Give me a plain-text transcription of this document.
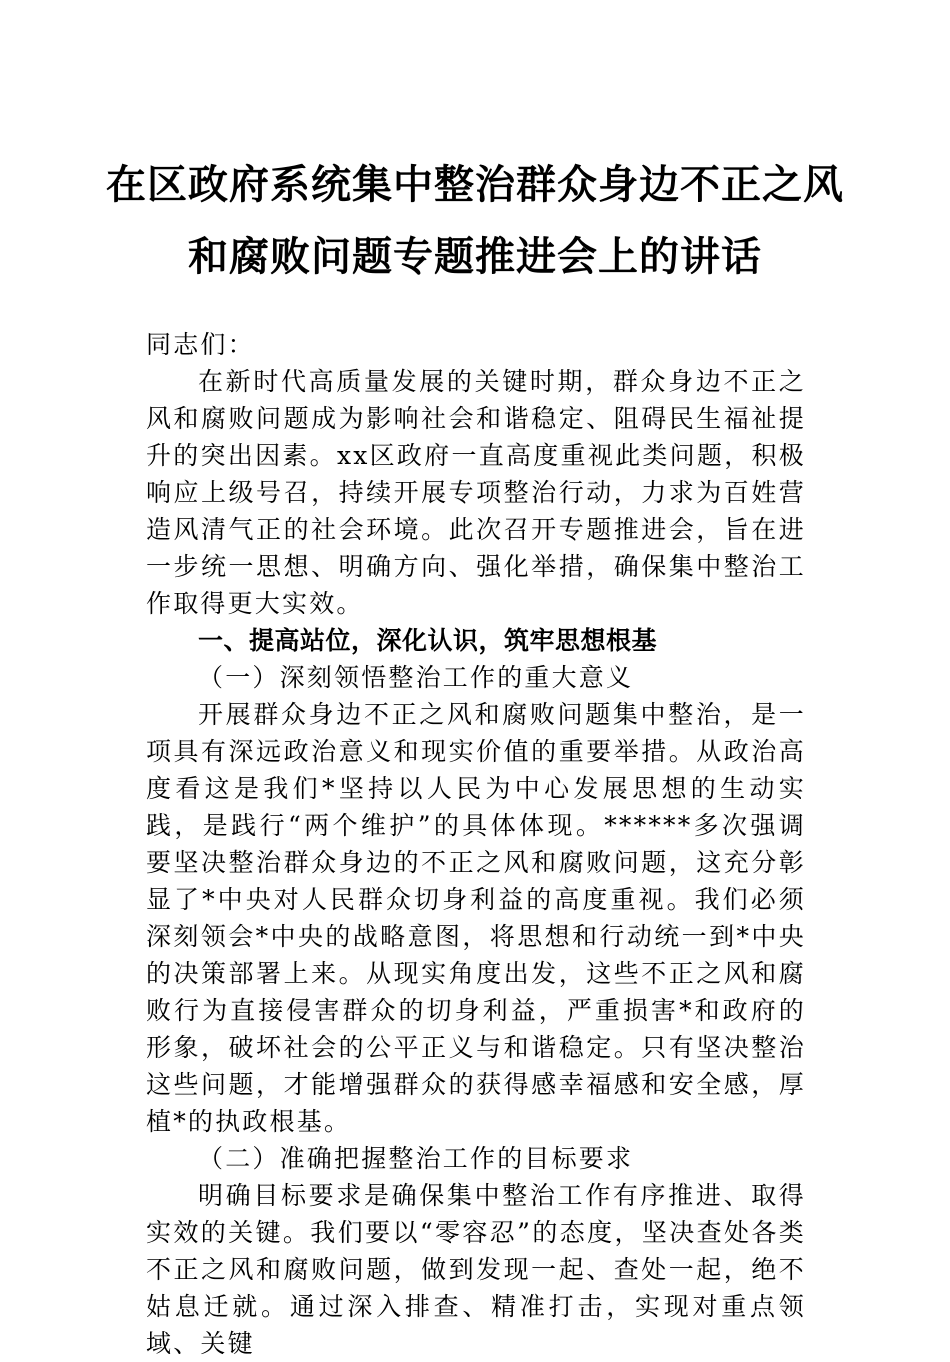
在区政府系统集中整治群众身边不正之风
和腐败问题专题推进会上的讲话

同志们：

在新时代高质量发展的关键时期，群众身边不正之风和腐败问题成为影响社会和谐稳定、阻碍民生福祉提升的突出因素。xx区政府一直高度重视此类问题，积极响应上级号召，持续开展专项整治行动，力求为百姓营造风清气正的社会环境。此次召开专题推进会，旨在进一步统一思想、明确方向、强化举措，确保集中整治工作取得更大实效。

一、提高站位，深化认识，筑牢思想根基

（一）深刻领悟整治工作的重大意义

开展群众身边不正之风和腐败问题集中整治，是一项具有深远政治意义和现实价值的重要举措。从政治高度看这是我们*坚持以人民为中心发展思想的生动实践，是践行“两个维护”的具体体现。******多次强调要坚决整治群众身边的不正之风和腐败问题，这充分彰显了*中央对人民群众切身利益的高度重视。我们必须深刻领会*中央的战略意图，将思想和行动统一到*中央的决策部署上来。从现实角度出发，这些不正之风和腐败行为直接侵害群众的切身利益，严重损害*和政府的形象，破坏社会的公平正义与和谐稳定。只有坚决整治这些问题，才能增强群众的获得感幸福感和安全感，厚植*的执政根基。

（二）准确把握整治工作的目标要求

明确目标要求是确保集中整治工作有序推进、取得实效的关键。我们要以“零容忍”的态度，坚决查处各类不正之风和腐败问题，做到发现一起、查处一起，绝不姑息迁就。通过深入排查、精准打击，实现对重点领域、关键
